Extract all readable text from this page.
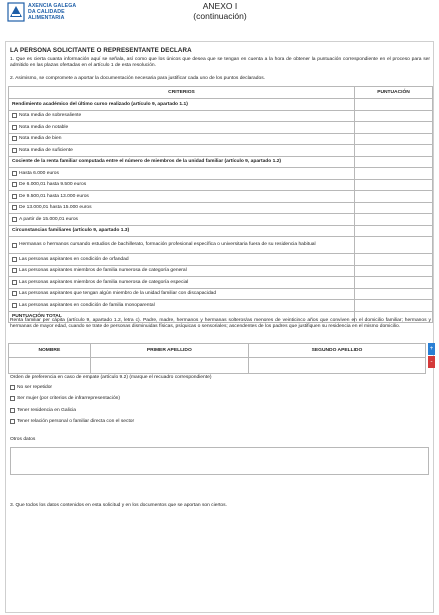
AXENCIA GALEGA
DA CALIDADE
ALIMENTARIA
ANEXO I
(continuación)
LA PERSONA SOLICITANTE O REPRESENTANTE DECLARA
1. Que es cierta cuanta información aquí se señala, así como que los únicos que desea que se tengan en cuenta a la hora de obtener la puntuación correspondiente en el proceso para ser admitido en las plazas ofertadas en el artículo 1 de esta resolución.
2. Asimismo, se compromete a aportar la documentación necesaria para justificar cada uno de los puntos declarados.
CRITERIOS	PUNTUACIÓN
Rendimiento académico del último curso realizado (artículo 9, apartado 1.1)	

Nota media de sobresaliente	

Nota media de notable	

Nota media de bien	

Nota media de suficiente	

Cociente de la renta familiar computada entre el número de miembros de la unidad familiar (artículo 9, apartado 1.2)	

Hasta 6.000 euros	

De 6.000,01 hasta 9.500 euros	

De 9.500,01 hasta 13.000 euros	

De 13.000,01 hasta 15.000 euros	

A partir de 15.000,01 euros	

Circunstancias familiares (artículo 9, apartado 1.3)	

Hermanas o hermanos cursando estudios de bachillerato, formación profesional específica o universitaria fuera de su residencia habitual	

Las personas aspirantes en condición de orfandad	

Las personas aspirantes miembros de familia numerosa de categoría general	

Las personas aspirantes miembros de familia numerosa de categoría especial	

Las personas aspirantes que tengan algún miembro de la unidad familiar con discapacidad	

Las personas aspirantes en condición de familia monoparental	

PUNTUACIÓN TOTAL	
Renta familiar per cápita (artículo 9, apartado 1.2, letra c). Padre, madre, hermanos y hermanas solteros/as menores de veinticinco años que conviven en el domicilio familiar; hermanos y hermanas de mayor edad, cuando se trate de personas disminuidas físicas, psíquicas o sensoriales; ascendentes de los padres que justifiquen su residencia en el mismo domicilio.
NOMBRE	PRIMER APELLIDO	SEGUNDO APELLIDO
			+
-
Orden de preferencia en caso de empate (artículo 9.2) (marque el recuadro correspondiente)
No ser repetidor
Ser mujer (por criterios de infrarrepresentación)
Tener residencia en Galicia
Tener relación personal o familiar directa con el sector
Otros datos
3. Que todos los datos contenidos en esta solicitud y en los documentos que se aportan son ciertos.
